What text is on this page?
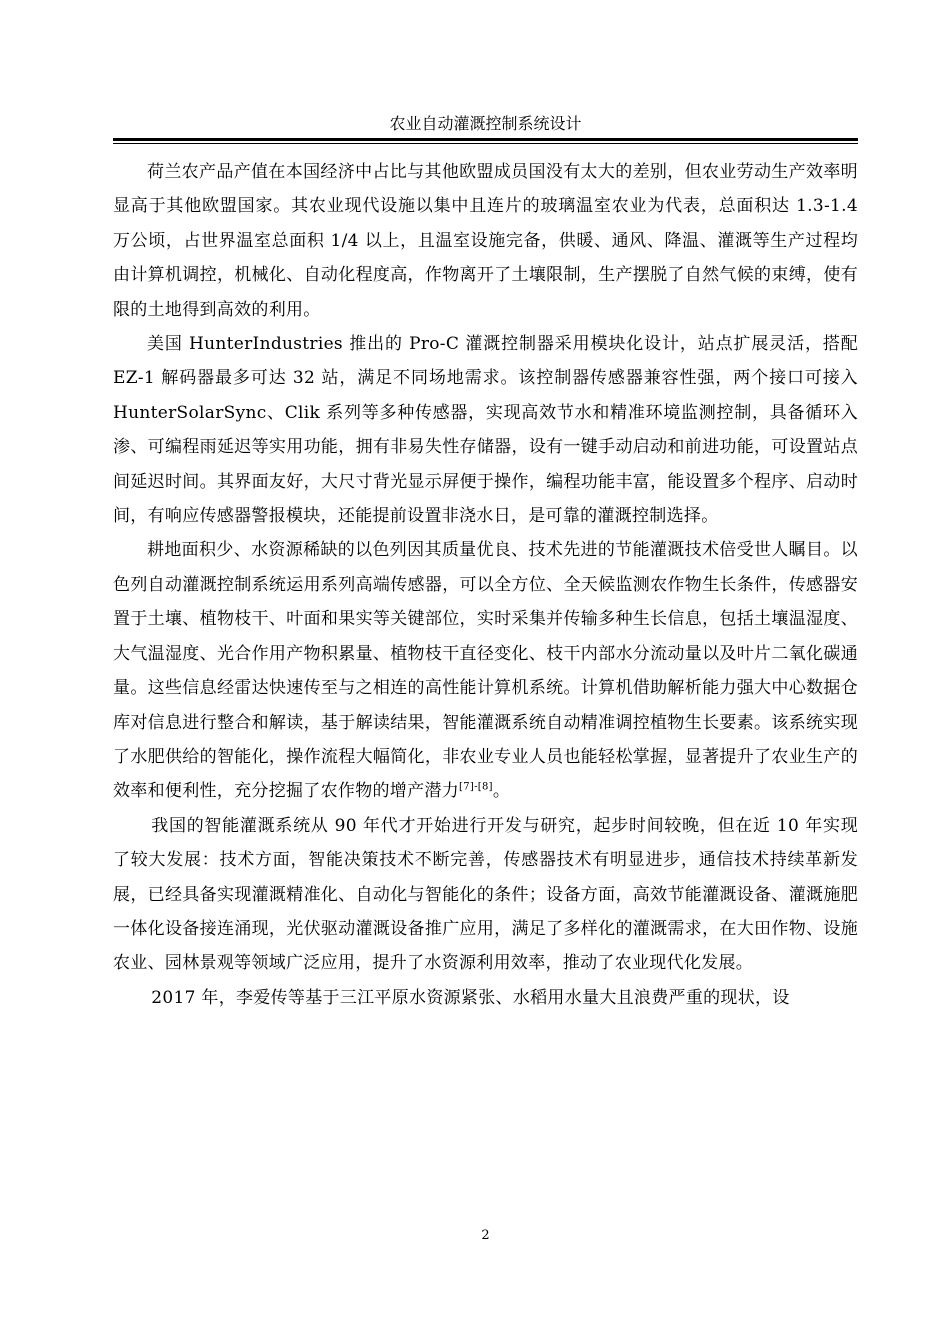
农业自动灌溉控制系统设计

荷兰农产品产值在本国经济中占比与其他欧盟成员国没有太大的差别，但农业劳动生产效率明显高于其他欧盟国家。其农业现代设施以集中且连片的玻璃温室农业为代表，总面积达 1.3-1.4 万公顷，占世界温室总面积 1/4 以上，且温室设施完备，供暖、通风、降温、灌溉等生产过程均由计算机调控，机械化、自动化程度高，作物离开了土壤限制，生产摆脱了自然气候的束缚，使有限的土地得到高效的利用。

美国 HunterIndustries 推出的 Pro-C 灌溉控制器采用模块化设计，站点扩展灵活，搭配 EZ-1 解码器最多可达 32 站，满足不同场地需求。该控制器传感器兼容性强，两个接口可接入 HunterSolarSync、Clik 系列等多种传感器，实现高效节水和精准环境监测控制，具备循环入渗、可编程雨延迟等实用功能，拥有非易失性存储器，设有一键手动启动和前进功能，可设置站点间延迟时间。其界面友好，大尺寸背光显示屏便于操作，编程功能丰富，能设置多个程序、启动时间，有响应传感器警报模块，还能提前设置非浇水日，是可靠的灌溉控制选择。

耕地面积少、水资源稀缺的以色列因其质量优良、技术先进的节能灌溉技术倍受世人瞩目。以色列自动灌溉控制系统运用系列高端传感器，可以全方位、全天候监测农作物生长条件，传感器安置于土壤、植物枝干、叶面和果实等关键部位，实时采集并传输多种生长信息，包括土壤温湿度、大气温湿度、光合作用产物积累量、植物枝干直径变化、枝干内部水分流动量以及叶片二氧化碳通量。这些信息经雷达快速传至与之相连的高性能计算机系统。计算机借助解析能力强大中心数据仓库对信息进行整合和解读，基于解读结果，智能灌溉系统自动精准调控植物生长要素。该系统实现了水肥供给的智能化，操作流程大幅简化，非农业专业人员也能轻松掌握，显著提升了农业生产的效率和便利性，充分挖掘了农作物的增产潜力[7]-[8]。

我国的智能灌溉系统从 90 年代才开始进行开发与研究，起步时间较晚，但在近 10 年实现了较大发展：技术方面，智能决策技术不断完善，传感器技术有明显进步，通信技术持续革新发展，已经具备实现灌溉精准化、自动化与智能化的条件；设备方面，高效节能灌溉设备、灌溉施肥一体化设备接连涌现，光伏驱动灌溉设备推广应用，满足了多样化的灌溉需求，在大田作物、设施农业、园林景观等领域广泛应用，提升了水资源利用效率，推动了农业现代化发展。

2017 年，李爱传等基于三江平原水资源紧张、水稻用水量大且浪费严重的现状，设

2
